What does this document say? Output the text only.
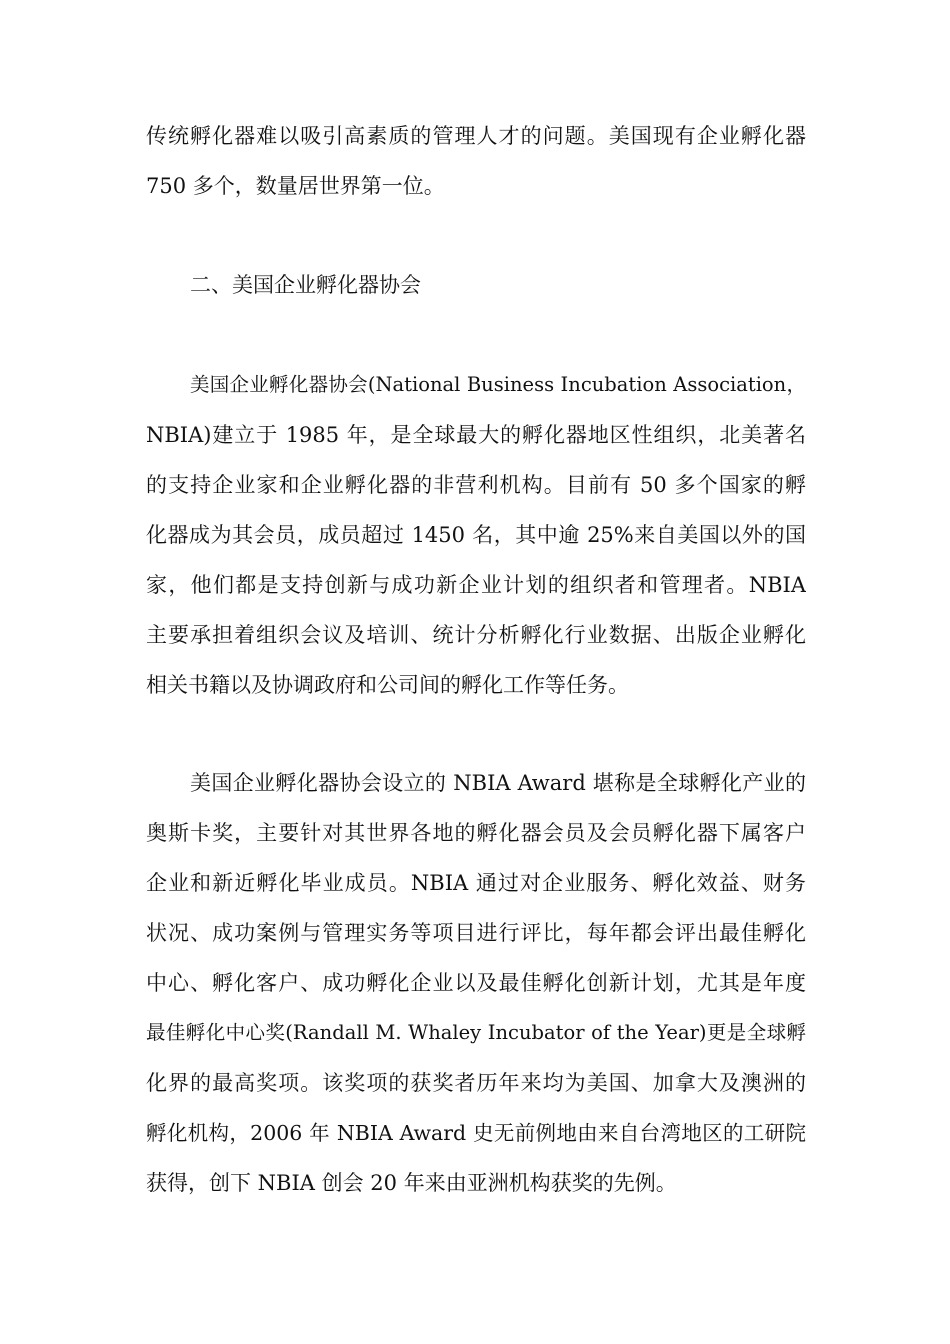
传统孵化器难以吸引高素质的管理人才的问题。美国现有企业孵化器
750 多个，数量居世界第一位。
二、美国企业孵化器协会
美国企业孵化器协会(National Business Incubation Association，
NBIA)建立于 1985 年，是全球最大的孵化器地区性组织，北美著名
的支持企业家和企业孵化器的非营利机构。目前有 50 多个国家的孵
化器成为其会员，成员超过 1450 名，其中逾 25%来自美国以外的国
家，他们都是支持创新与成功新企业计划的组织者和管理者。NBIA
主要承担着组织会议及培训、统计分析孵化行业数据、出版企业孵化
相关书籍以及协调政府和公司间的孵化工作等任务。
美国企业孵化器协会设立的 NBIA Award 堪称是全球孵化产业的
奥斯卡奖，主要针对其世界各地的孵化器会员及会员孵化器下属客户
企业和新近孵化毕业成员。NBIA 通过对企业服务、孵化效益、财务
状况、成功案例与管理实务等项目进行评比，每年都会评出最佳孵化
中心、孵化客户、成功孵化企业以及最佳孵化创新计划，尤其是年度
最佳孵化中心奖(Randall M. Whaley Incubator of the Year)更是全球孵
化界的最高奖项。该奖项的获奖者历年来均为美国、加拿大及澳洲的
孵化机构，2006 年 NBIA Award 史无前例地由来自台湾地区的工研院
获得，创下 NBIA 创会 20 年来由亚洲机构获奖的先例。
